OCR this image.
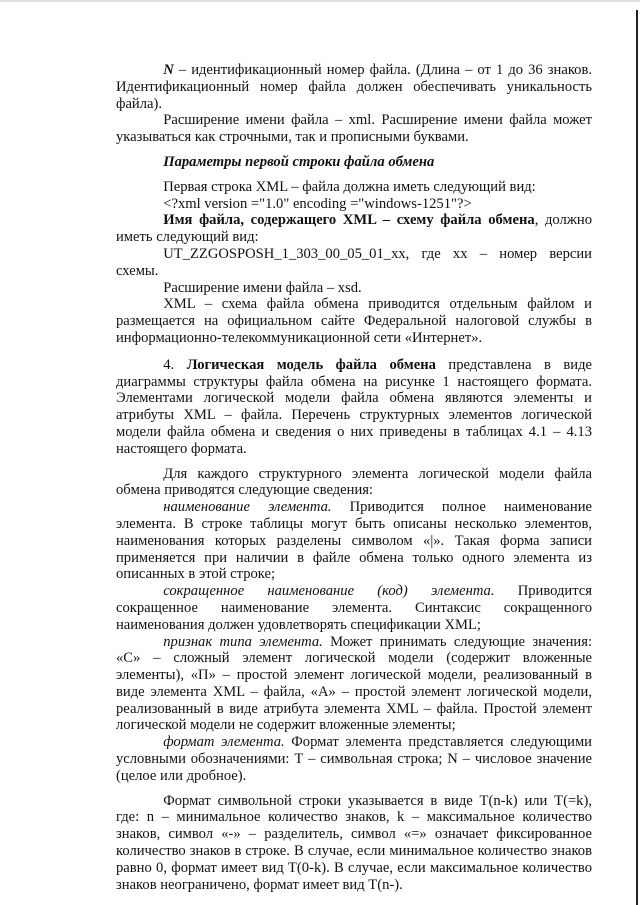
N – идентификационный номер файла. (Длина – от 1 до 36 знаков. Идентификационный номер файла должен обеспечивать уникальность файла).

Расширение имени файла – xml. Расширение имени файла может указываться как строчными, так и прописными буквами.

Параметры первой строки файла обмена

Первая строка XML – файла должна иметь следующий вид:

<?xml version ="1.0" encoding ="windows-1251"?>

Имя файла, содержащего XML – схему файла обмена, должно иметь следующий вид:

UT_ZZGOSPOSH_1_303_00_05_01_xx, где хх – номер версии схемы.

Расширение имени файла – xsd.

XML – схема файла обмена приводится отдельным файлом и размещается на официальном сайте Федеральной налоговой службы в информационно-телекоммуникационной сети «Интернет».

4. Логическая модель файла обмена представлена в виде диаграммы структуры файла обмена на рисунке 1 настоящего формата. Элементами логической модели файла обмена являются элементы и атрибуты XML – файла. Перечень структурных элементов логической модели файла обмена и сведения о них приведены в таблицах 4.1 – 4.13 настоящего формата.

Для каждого структурного элемента логической модели файла обмена приводятся следующие сведения:

наименование элемента. Приводится полное наименование элемента. В строке таблицы могут быть описаны несколько элементов, наименования которых разделены символом «|». Такая форма записи применяется при наличии в файле обмена только одного элемента из описанных в этой строке;

сокращенное наименование (код) элемента. Приводится сокращенное наименование элемента. Синтаксис сокращенного наименования должен удовлетворять спецификации XML;

признак типа элемента. Может принимать следующие значения: «С» – сложный элемент логической модели (содержит вложенные элементы), «П» – простой элемент логической модели, реализованный в виде элемента XML – файла, «А» – простой элемент логической модели, реализованный в виде атрибута элемента XML – файла. Простой элемент логической модели не содержит вложенные элементы;

формат элемента. Формат элемента представляется следующими условными обозначениями: Т – символьная строка; N – числовое значение (целое или дробное).

Формат символьной строки указывается в виде T(n-k) или T(=k), где: n – минимальное количество знаков, k – максимальное количество знаков, символ «-» – разделитель, символ «=» означает фиксированное количество знаков в строке. В случае, если минимальное количество знаков равно 0, формат имеет вид T(0-k). В случае, если максимальное количество знаков неограничено, формат имеет вид T(n-).
